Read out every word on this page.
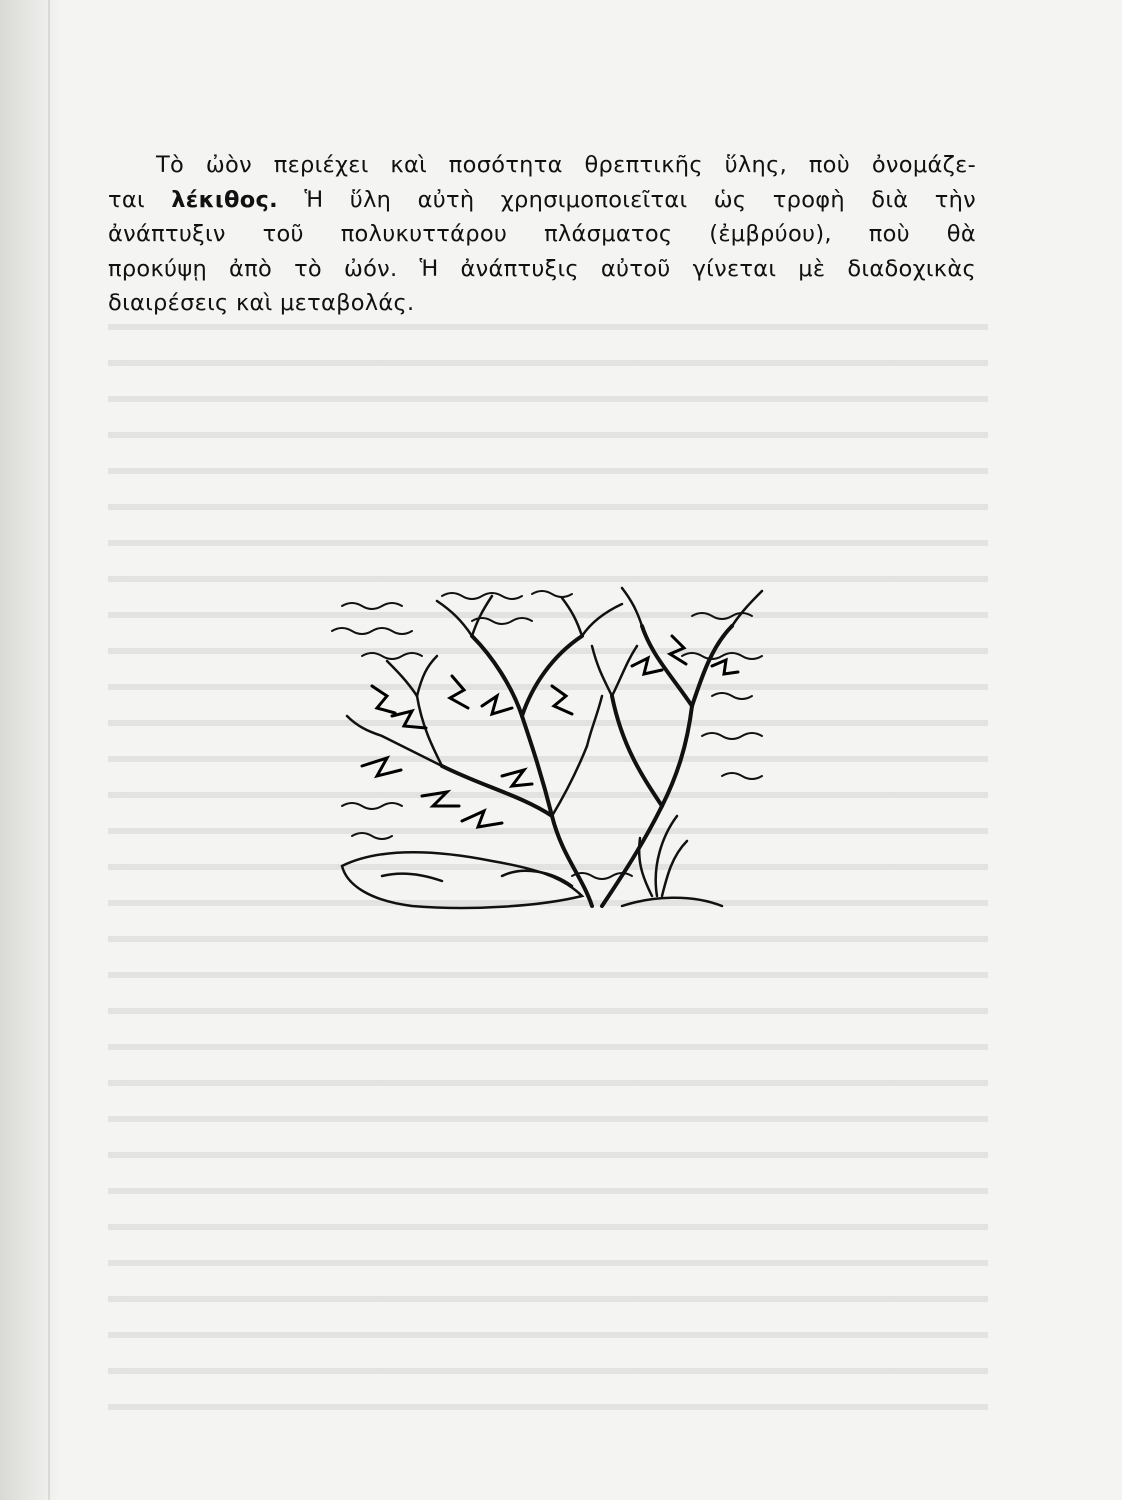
Τὸ ὠὸν περιέχει καὶ ποσότητα θρεπτικῆς ὕλης, ποὺ ὀνομάζε-
ται λέκιθος. Ἡ ὕλη αὐτὴ χρησιμοποιεῖται ὡς τροφὴ διὰ τὴν
ἀνάπτυξιν τοῦ πολυκυττάρου πλάσματος (ἐμβρύου), ποὺ θὰ
προκύψῃ ἀπὸ τὸ ὠόν. Ἡ ἀνάπτυξις αὐτοῦ γίνεται μὲ διαδοχικὰς
διαιρέσεις καὶ μεταβολάς.
